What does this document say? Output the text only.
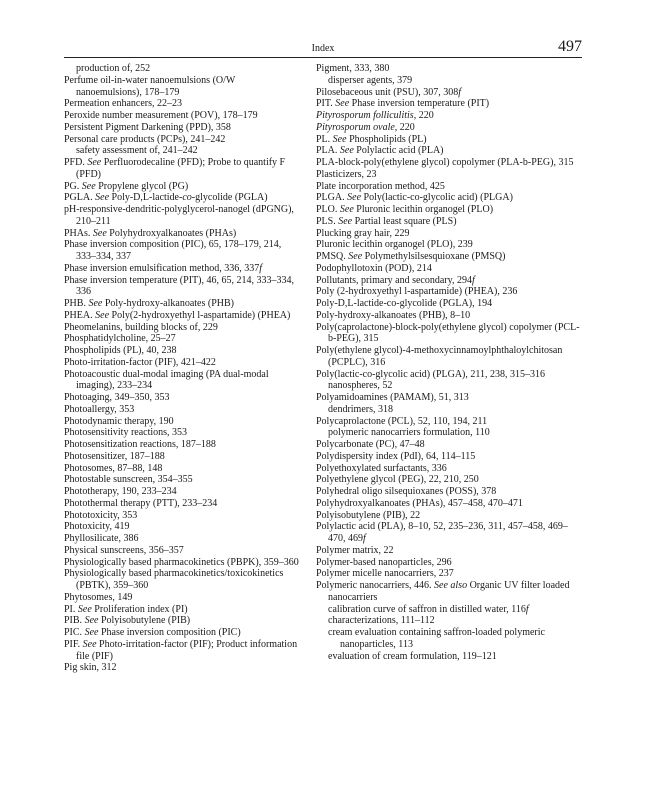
Index	497
production of, 252
Perfume oil-in-water nanoemulsions (O/W nanoemulsions), 178–179
Permeation enhancers, 22–23
Peroxide number measurement (POV), 178–179
Persistent Pigment Darkening (PPD), 358
Personal care products (PCPs), 241–242
safety assessment of, 241–242
PFD. See Perfluorodecaline (PFD); Probe to quantify F (PFD)
PG. See Propylene glycol (PG)
PGLA. See Poly-D,L-lactide-co-glycolide (PGLA)
pH-responsive-dendritic-polyglycerol-nanogel (dPGNG), 210–211
PHAs. See Polyhydroxyalkanoates (PHAs)
Phase inversion composition (PIC), 65, 178–179, 214, 333–334, 337
Phase inversion emulsification method, 336, 337f
Phase inversion temperature (PIT), 46, 65, 214, 333–334, 336
PHB. See Poly-hydroxy-alkanoates (PHB)
PHEA. See Poly(2-hydroxyethyl l-aspartamide) (PHEA)
Pheomelanins, building blocks of, 229
Phosphatidylcholine, 25–27
Phospholipids (PL), 40, 238
Photo-irritation-factor (PIF), 421–422
Photoacoustic dual-modal imaging (PA dual-modal imaging), 233–234
Photoaging, 349–350, 353
Photoallergy, 353
Photodynamic therapy, 190
Photosensitivity reactions, 353
Photosensitization reactions, 187–188
Photosensitizer, 187–188
Photosomes, 87–88, 148
Photostable sunscreen, 354–355
Phototherapy, 190, 233–234
Photothermal therapy (PTT), 233–234
Phototoxicity, 353
Photoxicity, 419
Phyllosilicate, 386
Physical sunscreens, 356–357
Physiologically based pharmacokinetics (PBPK), 359–360
Physiologically based pharmacokinetics/toxicokinetics (PBTK), 359–360
Phytosomes, 149
PI. See Proliferation index (PI)
PIB. See Polyisobutylene (PIB)
PIC. See Phase inversion composition (PIC)
PIF. See Photo-irritation-factor (PIF); Product information file (PIF)
Pig skin, 312
Pigment, 333, 380
disperser agents, 379
Pilosebaceous unit (PSU), 307, 308f
PIT. See Phase inversion temperature (PIT)
Pityrosporum folliculitis, 220
Pityrosporum ovale, 220
PL. See Phospholipids (PL)
PLA. See Polylactic acid (PLA)
PLA-block-poly(ethylene glycol) copolymer (PLA-b-PEG), 315
Plasticizers, 23
Plate incorporation method, 425
PLGA. See Poly(lactic-co-glycolic acid) (PLGA)
PLO. See Pluronic lecithin organogel (PLO)
PLS. See Partial least square (PLS)
Plucking gray hair, 229
Pluronic lecithin organogel (PLO), 239
PMSQ. See Polymethylsilsesquioxane (PMSQ)
Podophyllotoxin (POD), 214
Pollutants, primary and secondary, 294f
Poly (2-hydroxyethyl l-aspartamide) (PHEA), 236
Poly-D,L-lactide-co-glycolide (PGLA), 194
Poly-hydroxy-alkanoates (PHB), 8–10
Poly(caprolactone)-block-poly(ethylene glycol) copolymer (PCL-b-PEG), 315
Poly(ethylene glycol)-4-methoxycinnamoylphthaloylchitosan (PCPLC), 316
Poly(lactic-co-glycolic acid) (PLGA), 211, 238, 315–316
nanospheres, 52
Polyamidoamines (PAMAM), 51, 313
dendrimers, 318
Polycaprolactone (PCL), 52, 110, 194, 211
polymeric nanocarriers formulation, 110
Polycarbonate (PC), 47–48
Polydispersity index (PdI), 64, 114–115
Polyethoxylated surfactants, 336
Polyethylene glycol (PEG), 22, 210, 250
Polyhedral oligo silsequioxanes (POSS), 378
Polyhydroxyalkanoates (PHAs), 457–458, 470–471
Polyisobutylene (PIB), 22
Polylactic acid (PLA), 8–10, 52, 235–236, 311, 457–458, 469–470, 469f
Polymer matrix, 22
Polymer-based nanoparticles, 296
Polymer micelle nanocarriers, 237
Polymeric nanocarriers, 446. See also Organic UV filter loaded nanocarriers
calibration curve of saffron in distilled water, 116f
characterizations, 111–112
cream evaluation containing saffron-loaded polymeric nanoparticles, 113
evaluation of cream formulation, 119–121
